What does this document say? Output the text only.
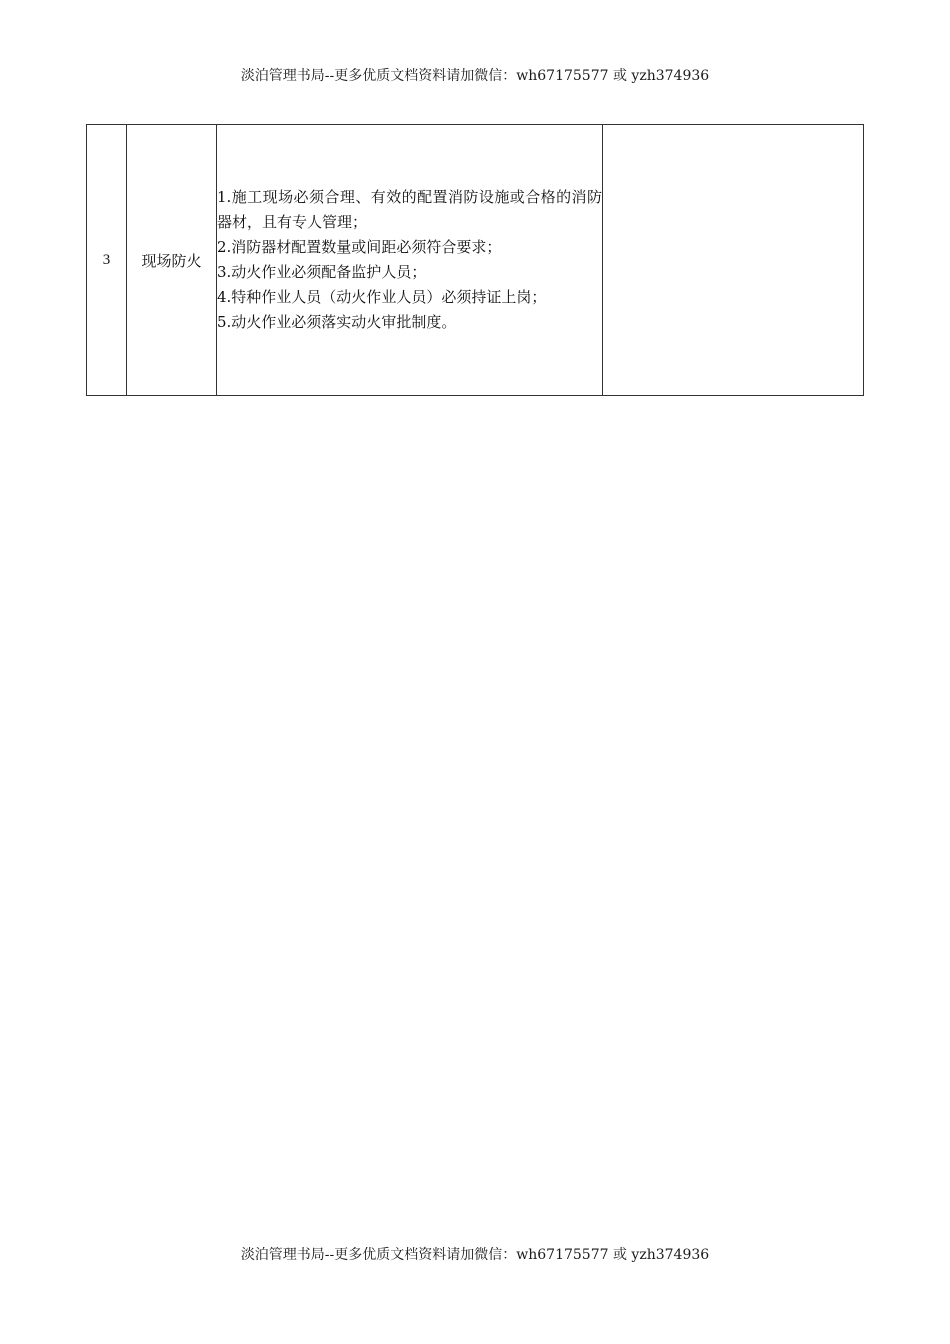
淡泊管理书局--更多优质文档资料请加微信：wh67175577 或 yzh374936
3	现场防火	
1.施工现场必须合理、有效的配置消防设施或合格的消防器材，且有专人管理；
2.消防器材配置数量或间距必须符合要求；
3.动火作业必须配备监护人员；
4.特种作业人员（动火作业人员）必须持证上岗；
5.动火作业必须落实动火审批制度。

淡泊管理书局--更多优质文档资料请加微信：wh67175577 或 yzh374936
